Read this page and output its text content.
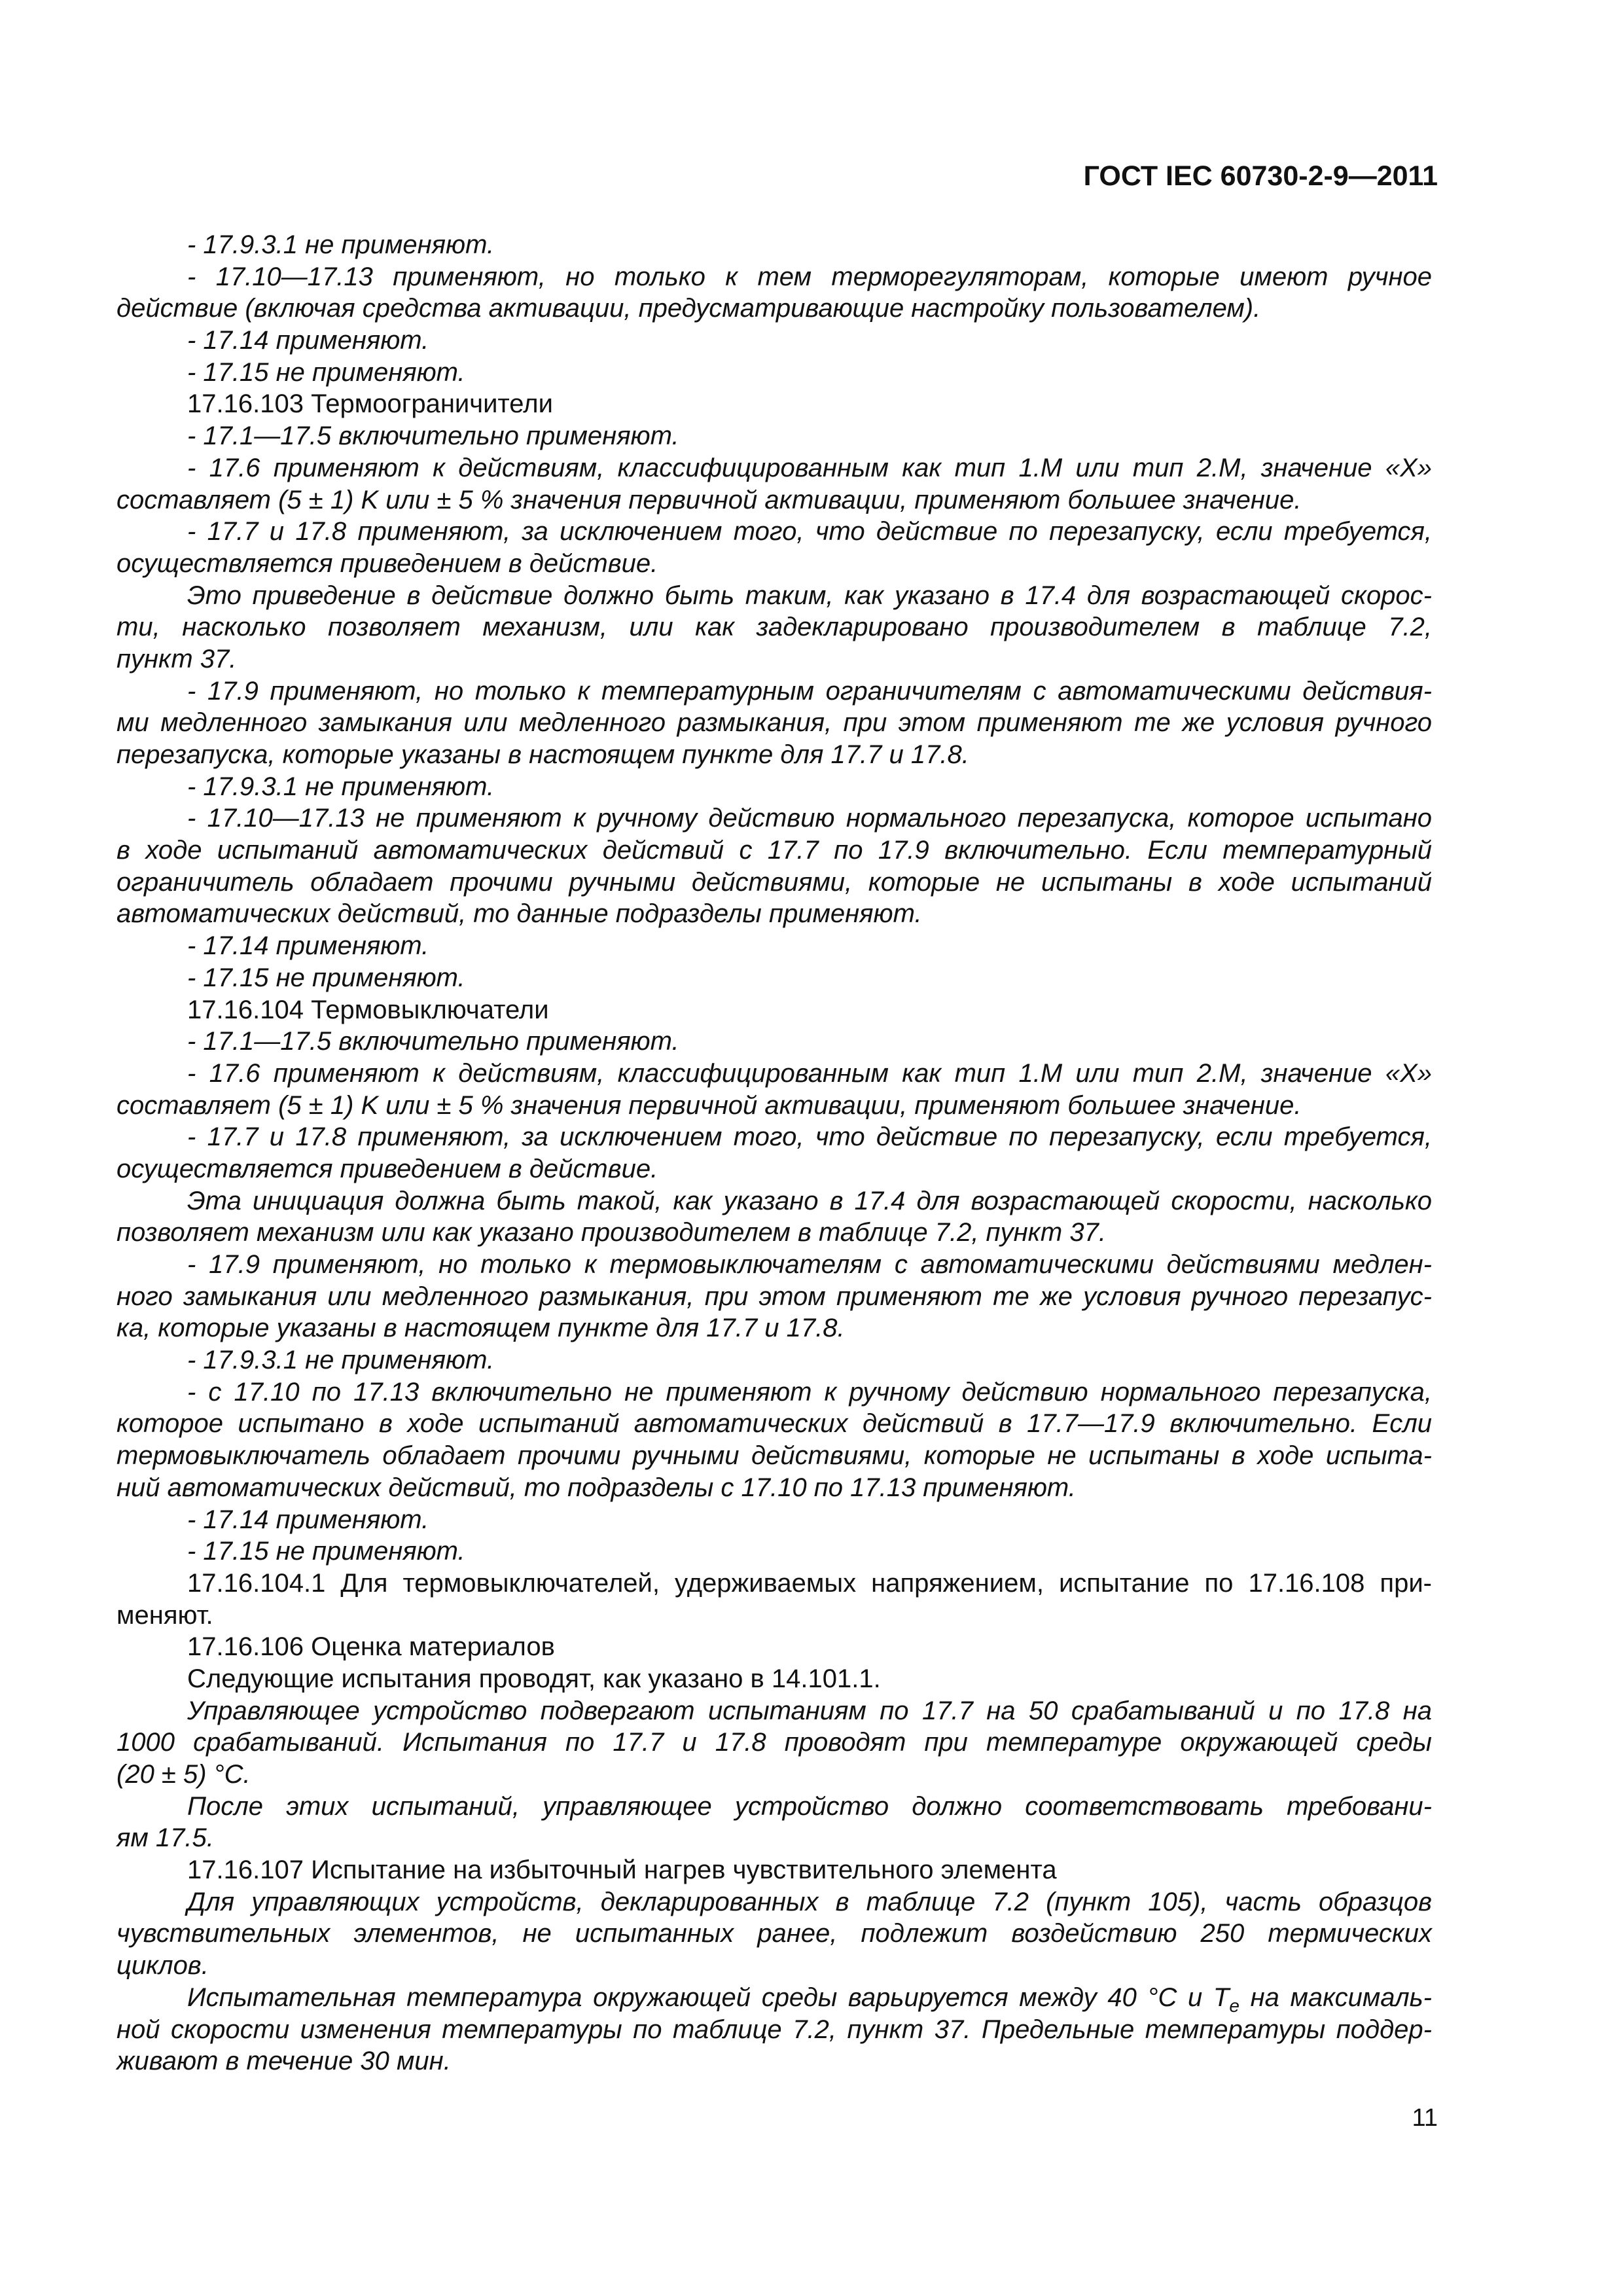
ГОСТ IEC 60730-2-9—2011
- 17.9.3.1 не применяют.
- 17.10—17.13 применяют, но только к тем терморегуляторам, которые имеют ручное
действие (включая средства активации, предусматривающие настройку пользователем).
- 17.14 применяют.
- 17.15 не применяют.
17.16.103 Термоограничители
- 17.1—17.5 включительно применяют.
- 17.6 применяют к действиям, классифицированным как тип 1.M или тип 2.M, значение «X»
составляет (5 ± 1) K или ± 5 % значения первичной активации, применяют большее значение.
- 17.7 и 17.8 применяют, за исключением того, что действие по перезапуску, если требуется,
осуществляется приведением в действие.
Это приведение в действие должно быть таким, как указано в 17.4 для возрастающей скорос-
ти, насколько позволяет механизм, или как задекларировано производителем в таблице 7.2,
пункт 37.
- 17.9 применяют, но только к температурным ограничителям с автоматическими действия-
ми медленного замыкания или медленного размыкания, при этом применяют те же условия ручного
перезапуска, которые указаны в настоящем пункте для 17.7 и 17.8.
- 17.9.3.1 не применяют.
- 17.10—17.13 не применяют к ручному действию нормального перезапуска, которое испытано
в ходе испытаний автоматических действий с 17.7 по 17.9 включительно. Если температурный
ограничитель обладает прочими ручными действиями, которые не испытаны в ходе испытаний
автоматических действий, то данные подразделы применяют.
- 17.14 применяют.
- 17.15 не применяют.
17.16.104 Термовыключатели
- 17.1—17.5 включительно применяют.
- 17.6 применяют к действиям, классифицированным как тип 1.M или тип 2.M, значение «X»
составляет (5 ± 1) K или ± 5 % значения первичной активации, применяют большее значение.
- 17.7 и 17.8 применяют, за исключением того, что действие по перезапуску, если требуется,
осуществляется приведением в действие.
Эта инициация должна быть такой, как указано в 17.4 для возрастающей скорости, насколько
позволяет механизм или как указано производителем в таблице 7.2, пункт 37.
- 17.9 применяют, но только к термовыключателям с автоматическими действиями медлен-
ного замыкания или медленного размыкания, при этом применяют те же условия ручного перезапус-
ка, которые указаны в настоящем пункте для 17.7 и 17.8.
- 17.9.3.1 не применяют.
- с 17.10 по 17.13 включительно не применяют к ручному действию нормального перезапуска,
которое испытано в ходе испытаний автоматических действий в 17.7—17.9 включительно. Если
термовыключатель обладает прочими ручными действиями, которые не испытаны в ходе испыта-
ний автоматических действий, то подразделы с 17.10 по 17.13 применяют.
- 17.14 применяют.
- 17.15 не применяют.
17.16.104.1 Для термовыключателей, удерживаемых напряжением, испытание по 17.16.108 при-
меняют.
17.16.106 Оценка материалов
Следующие испытания проводят, как указано в 14.101.1.
Управляющее устройство подвергают испытаниям по 17.7 на 50 срабатываний и по 17.8 на
1000 срабатываний. Испытания по 17.7 и 17.8 проводят при температуре окружающей среды
(20 ± 5) °C.
После этих испытаний, управляющее устройство должно соответствовать требовани-
ям 17.5.
17.16.107 Испытание на избыточный нагрев чувствительного элемента
Для управляющих устройств, декларированных в таблице 7.2 (пункт 105), часть образцов
чувствительных элементов, не испытанных ранее, подлежит воздействию 250 термических
циклов.
Испытательная температура окружающей среды варьируется между 40 °C и $T_e$ на максималь-
ной скорости изменения температуры по таблице 7.2, пункт 37. Предельные температуры поддер-
живают в течение 30 мин.
11
